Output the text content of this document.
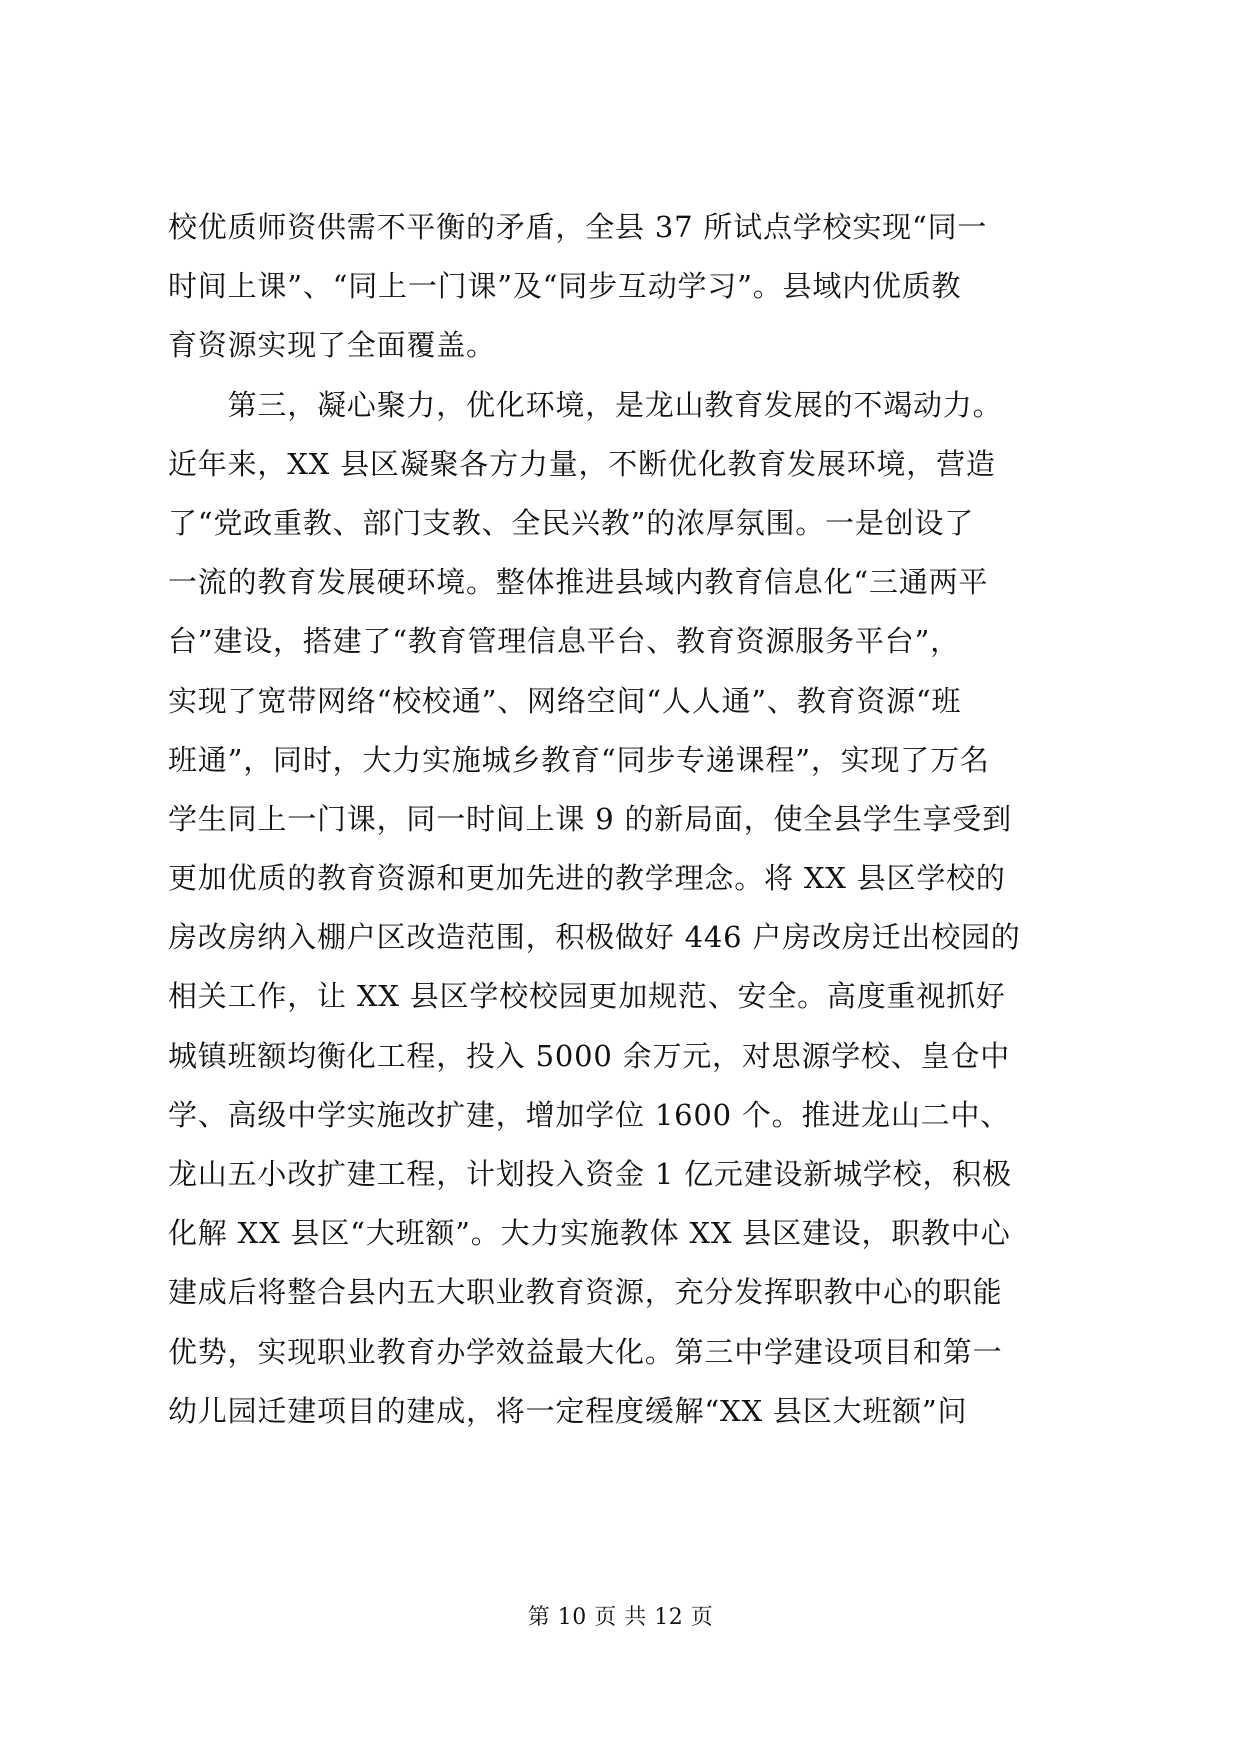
校优质师资供需不平衡的矛盾，全县 37 所试点学校实现“同一
时间上课”、“同上一门课”及“同步互动学习”。县域内优质教
育资源实现了全面覆盖。
　　第三，凝心聚力，优化环境，是龙山教育发展的不竭动力。
近年来，XX 县区凝聚各方力量，不断优化教育发展环境，营造
了“党政重教、部门支教、全民兴教”的浓厚氛围。一是创设了
一流的教育发展硬环境。整体推进县域内教育信息化“三通两平
台”建设，搭建了“教育管理信息平台、教育资源服务平台”，
实现了宽带网络“校校通”、网络空间“人人通”、教育资源“班
班通”，同时，大力实施城乡教育“同步专递课程”，实现了万名
学生同上一门课，同一时间上课 9 的新局面，使全县学生享受到
更加优质的教育资源和更加先进的教学理念。将 XX 县区学校的
房改房纳入棚户区改造范围，积极做好 446 户房改房迁出校园的
相关工作，让 XX 县区学校校园更加规范、安全。高度重视抓好
城镇班额均衡化工程，投入 5000 余万元，对思源学校、皇仓中
学、高级中学实施改扩建，增加学位 1600 个。推进龙山二中、
龙山五小改扩建工程，计划投入资金 1 亿元建设新城学校，积极
化解 XX 县区“大班额”。大力实施教体 XX 县区建设，职教中心
建成后将整合县内五大职业教育资源，充分发挥职教中心的职能
优势，实现职业教育办学效益最大化。第三中学建设项目和第一
幼儿园迁建项目的建成，将一定程度缓解“XX 县区大班额”问
第 10 页 共 12 页
